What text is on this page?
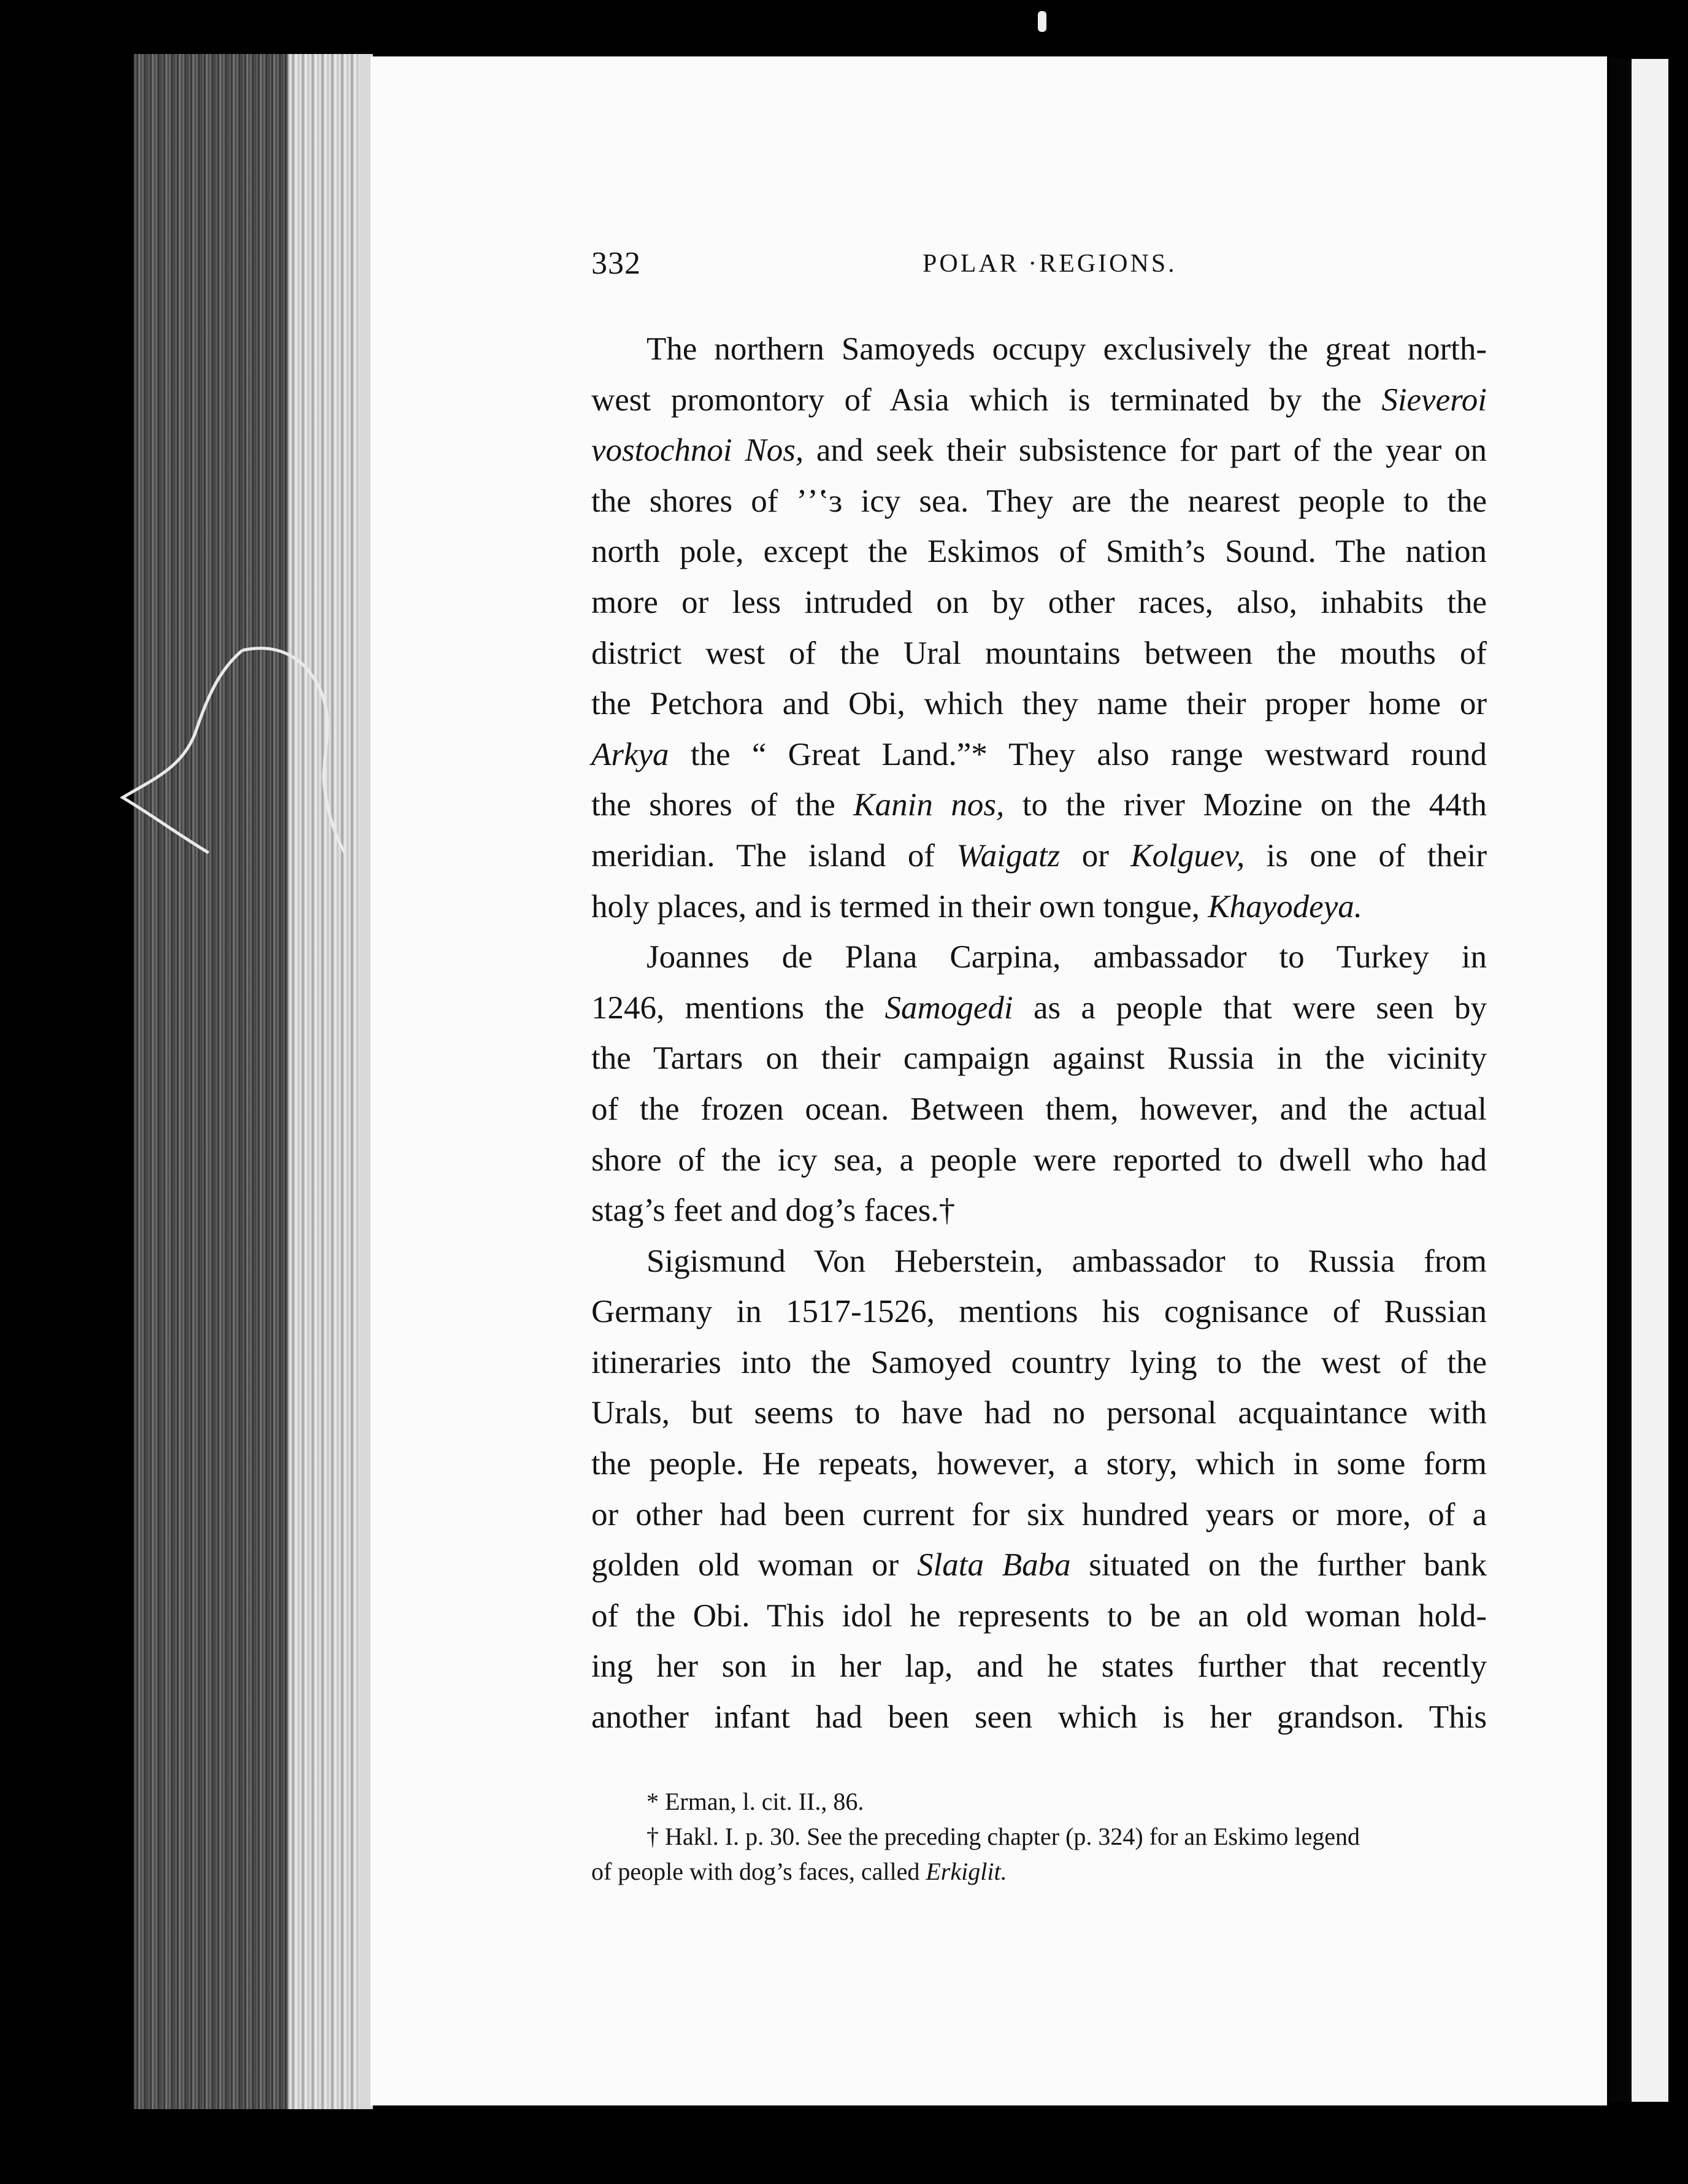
332	POLAR ·REGIONS.
The northern Samoyeds occupy exclusively the great north-
west promontory of Asia which is terminated by the Sieveroi
vostochnoi Nos, and seek their subsistence for part of the year on
the shores of ’ʼʽɜ icy sea. They are the nearest people to the
north pole, except the Eskimos of Smith’s Sound. The nation
more or less intruded on by other races, also, inhabits the
district west of the Ural mountains between the mouths of
the Petchora and Obi, which they name their proper home or
Arkya the “ Great Land.”* They also range westward round
the shores of the Kanin nos, to the river Mozine on the 44th
meridian. The island of Waigatz or Kolguev, is one of their
holy places, and is termed in their own tongue, Khayodeya.
Joannes de Plana Carpina, ambassador to Turkey in
1246, mentions the Samogedi as a people that were seen by
the Tartars on their campaign against Russia in the vicinity
of the frozen ocean. Between them, however, and the actual
shore of the icy sea, a people were reported to dwell who had
stag’s feet and dog’s faces.†
Sigismund Von Heberstein, ambassador to Russia from
Germany in 1517-1526, mentions his cognisance of Russian
itineraries into the Samoyed country lying to the west of the
Urals, but seems to have had no personal acquaintance with
the people. He repeats, however, a story, which in some form
or other had been current for six hundred years or more, of a
golden old woman or Slata Baba situated on the further bank
of the Obi. This idol he represents to be an old woman hold-
ing her son in her lap, and he states further that recently
another infant had been seen which is her grandson. This
* Erman, l. cit. II., 86.
† Hakl. I. p. 30. See the preceding chapter (p. 324) for an Eskimo legend
of people with dog’s faces, called Erkiglit.
